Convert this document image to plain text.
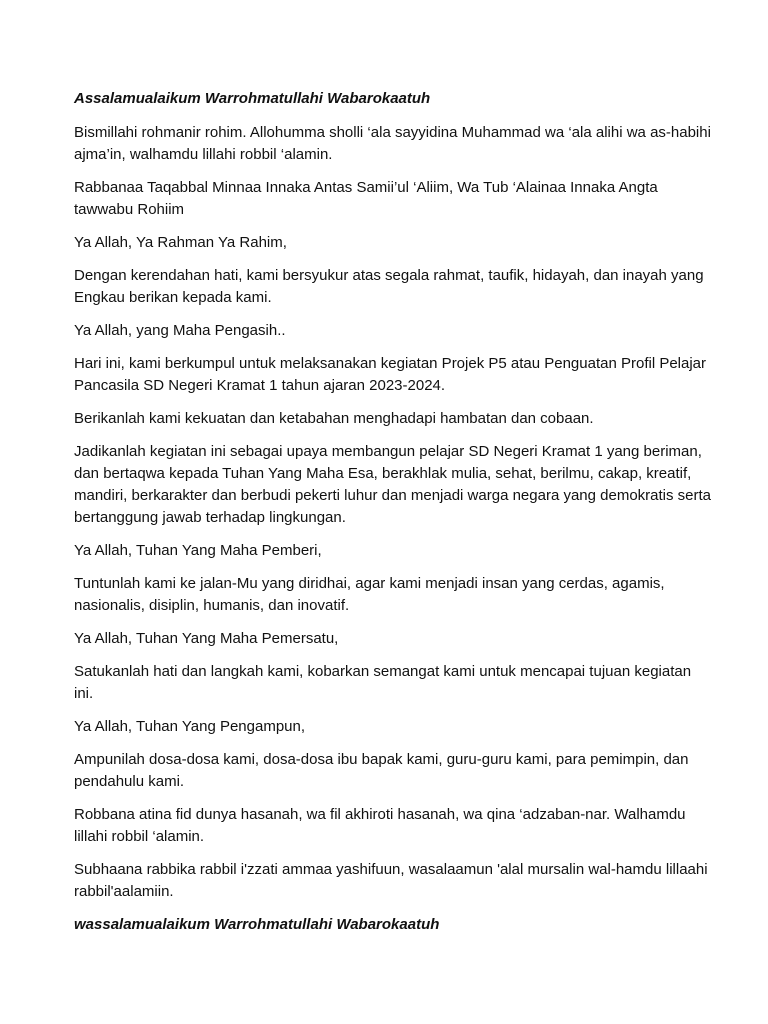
Assalamualaikum Warrohmatullahi Wabarokaatuh

Bismillahi rohmanir rohim. Allohumma sholli ‘ala sayyidina Muhammad wa ‘ala alihi wa as-habihi ajma’in, walhamdu lillahi robbil ‘alamin.

Rabbanaa Taqabbal Minnaa Innaka Antas Samii’ul ‘Aliim, Wa Tub ‘Alainaa Innaka Angta tawwabu Rohiim

Ya Allah, Ya Rahman Ya Rahim,

Dengan kerendahan hati, kami bersyukur atas segala rahmat, taufik, hidayah, dan inayah yang Engkau berikan kepada kami.

Ya Allah, yang Maha Pengasih..

Hari ini, kami berkumpul untuk melaksanakan kegiatan Projek P5 atau Penguatan Profil Pelajar Pancasila SD Negeri Kramat 1 tahun ajaran 2023-2024.

Berikanlah kami kekuatan dan ketabahan menghadapi hambatan dan cobaan.

Jadikanlah kegiatan ini sebagai upaya membangun pelajar SD Negeri Kramat 1 yang beriman, dan bertaqwa kepada Tuhan Yang Maha Esa, berakhlak mulia, sehat, berilmu, cakap, kreatif, mandiri, berkarakter dan berbudi pekerti luhur dan menjadi warga negara yang demokratis serta bertanggung jawab terhadap lingkungan.

Ya Allah, Tuhan Yang Maha Pemberi,

Tuntunlah kami ke jalan-Mu yang diridhai, agar kami menjadi insan yang cerdas, agamis, nasionalis, disiplin, humanis, dan inovatif.

Ya Allah, Tuhan Yang Maha Pemersatu,

Satukanlah hati dan langkah kami, kobarkan semangat kami untuk mencapai tujuan kegiatan ini.

Ya Allah, Tuhan Yang Pengampun,

Ampunilah dosa-dosa kami, dosa-dosa ibu bapak kami, guru-guru kami, para pemimpin, dan pendahulu kami.

Robbana atina fid dunya hasanah, wa fil akhiroti hasanah, wa qina ‘adzaban-nar. Walhamdu lillahi robbil ‘alamin.

Subhaana rabbika rabbil i'zzati ammaa yashifuun, wasalaamun 'alal mursalin wal-hamdu lillaahi rabbil'aalamiin.

wassalamualaikum Warrohmatullahi Wabarokaatuh
